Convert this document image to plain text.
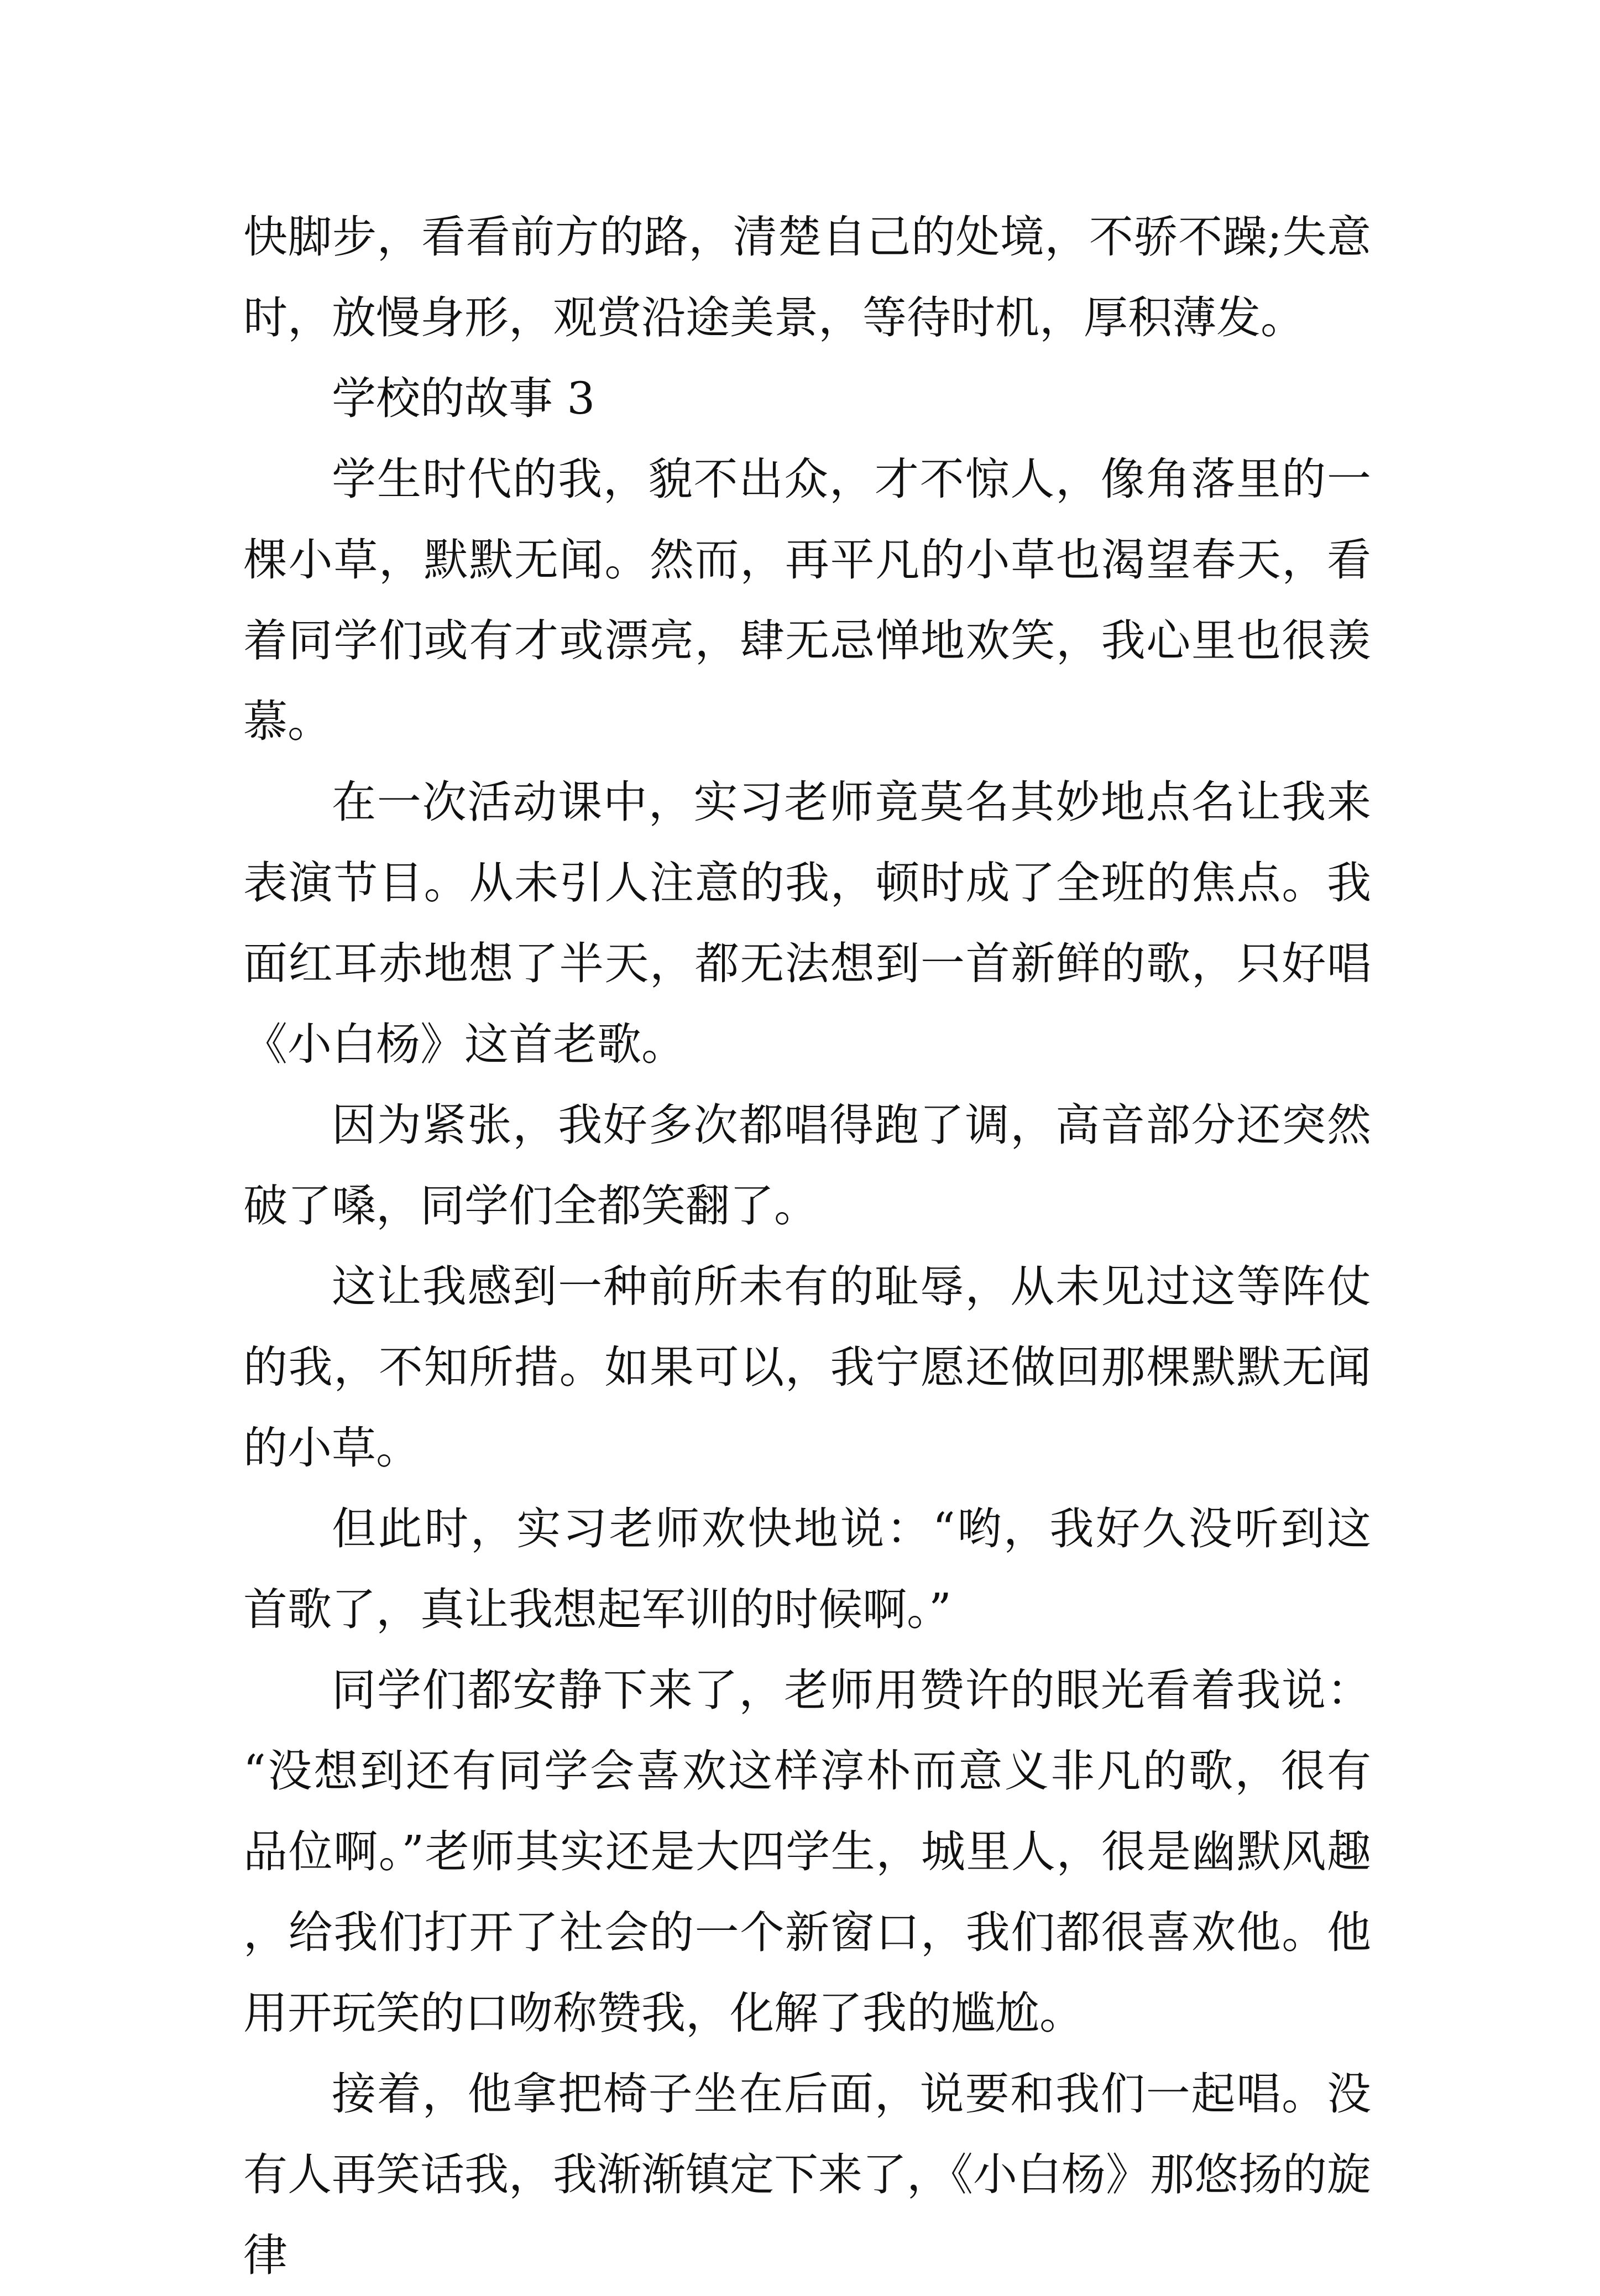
快脚步，看看前方的路，清楚自己的处境，不骄不躁;失意时，放慢身形，观赏沿途美景，等待时机，厚积薄发。

学校的故事 3

学生时代的我，貌不出众，才不惊人，像角落里的一棵小草，默默无闻。然而，再平凡的小草也渴望春天，看着同学们或有才或漂亮，肆无忌惮地欢笑，我心里也很羡慕。

在一次活动课中，实习老师竟莫名其妙地点名让我来表演节目。从未引人注意的我，顿时成了全班的焦点。我面红耳赤地想了半天，都无法想到一首新鲜的歌，只好唱《小白杨》这首老歌。

因为紧张，我好多次都唱得跑了调，高音部分还突然破了嗓，同学们全都笑翻了。

这让我感到一种前所未有的耻辱，从未见过这等阵仗的我，不知所措。如果可以，我宁愿还做回那棵默默无闻的小草。

但此时，实习老师欢快地说：“哟，我好久没听到这首歌了，真让我想起军训的时候啊。”

同学们都安静下来了，老师用赞许的眼光看着我说：“没想到还有同学会喜欢这样淳朴而意义非凡的歌，很有品位啊。”老师其实还是大四学生，城里人，很是幽默风趣，给我们打开了社会的一个新窗口，我们都很喜欢他。他用开玩笑的口吻称赞我，化解了我的尴尬。

接着，他拿把椅子坐在后面，说要和我们一起唱。没有人再笑话我，我渐渐镇定下来了，《小白杨》那悠扬的旋律
